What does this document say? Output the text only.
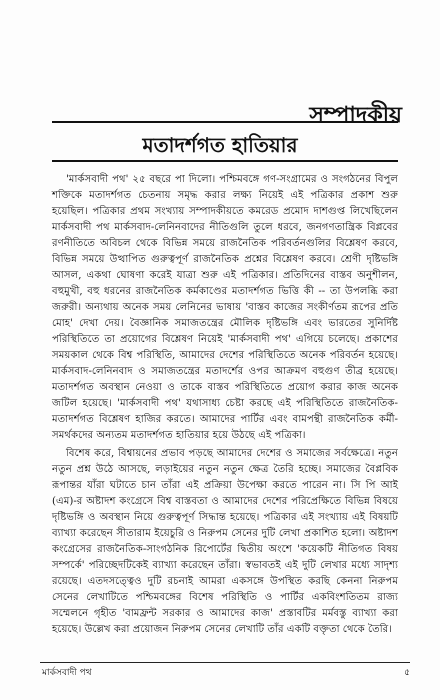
সম্পাদকীয়
মতাদর্শগত হাতিয়ার

'মার্কসবাদী পথ' ২৫ বছরে পা দিলো। পশ্চিমবঙ্গে গণ-সংগ্রামের ও সংগঠনের বিপুল শক্তিকে মতাদর্শগত চেতনায় সমৃদ্ধ করার লক্ষ্য নিয়েই এই পত্রিকার প্রকাশ শুরু হয়েছিল। পত্রিকার প্রথম সংখ্যায় সম্পাদকীয়তে কমরেড প্রমোদ দাশগুপ্ত লিখেছিলেন মার্কসবাদী পথ মার্কসবাদ-লেনিনবাদের নীতিগুলি তুলে ধরবে, জনগণতান্ত্রিক বিপ্লবের রণনীতিতে অবিচল থেকে বিভিন্ন সময়ে রাজনৈতিক পরিবর্তনগুলির বিশ্লেষণ করবে, বিভিন্ন সময়ে উত্থাপিত গুরুত্বপূর্ণ রাজনৈতিক প্রশ্নের বিশ্লেষণ করবে। শ্রেণী দৃষ্টিভঙ্গি আসল, একথা ঘোষণা করেই যাত্রা শুরু এই পত্রিকার। প্রতিদিনের বাস্তব অনুশীলন, বহুমুখী, বহু ধরনের রাজনৈতিক কর্মকাণ্ডের মতাদর্শগত ভিত্তি কী -- তা উপলব্ধি করা জরুরী। অন্যথায় অনেক সময় লেনিনের ভাষায় 'বাস্তব কাজের সংকীর্ণতম রূপের প্রতি মোহ' দেখা দেয়। বৈজ্ঞানিক সমাজতন্ত্রের মৌলিক দৃষ্টিভঙ্গি এবং ভারতের সুনির্দিষ্ট পরিস্থিতিতে তা প্রয়োগের বিশ্লেষণ নিয়েই 'মার্কসবাদী পথ' এগিয়ে চলেছে। প্রকাশের সময়কাল থেকে বিশ্ব পরিস্থিতি, আমাদের দেশের পরিস্থিতিতে অনেক পরিবর্তন হয়েছে। মার্কসবাদ-লেনিনবাদ ও সমাজতন্ত্রের মতাদর্শের ওপর আক্রমণ বহুগুণ তীব্র হয়েছে। মতাদর্শগত অবস্থান নেওয়া ও তাকে বাস্তব পরিস্থিতিতে প্রয়োগ করার কাজ অনেক জটিল হয়েছে। 'মার্কসবাদী পথ' যথাসাধ্য চেষ্টা করছে এই পরিস্থিতিতে রাজনৈতিক-মতাদর্শগত বিশ্লেষণ হাজির করতে। আমাদের পার্টির এবং বামপন্থী রাজনৈতিক কর্মী-সমর্থকদের অন্যতম মতাদর্শগত হাতিয়ার হয়ে উঠছে এই পত্রিকা।

বিশেষ করে, বিশ্বায়নের প্রভাব পড়ছে আমাদের দেশের ও সমাজের সর্বক্ষেত্রে। নতুন নতুন প্রশ্ন উঠে আসছে, লড়াইয়ের নতুন নতুন ক্ষেত্র তৈরি হচ্ছে। সমাজের বৈপ্লবিক রূপান্তর যাঁরা ঘটাতে চান তাঁরা এই প্রক্রিয়া উপেক্ষা করতে পারেন না। সি পি আই (এম)-র অষ্টাদশ কংগ্রেসে বিশ্ব বাস্তবতা ও আমাদের দেশের পরিপ্রেক্ষিতে বিভিন্ন বিষয়ে দৃষ্টিভঙ্গি ও অবস্থান নিয়ে গুরুত্বপূর্ণ সিদ্ধান্ত হয়েছে। পত্রিকার এই সংখ্যায় এই বিষয়টি ব্যাখ্যা করেছেন সীতারাম ইয়েচুরি ও নিরুপম সেনের দুটি লেখা প্রকাশিত হলো। অষ্টাদশ কংগ্রেসের রাজনৈতিক-সাংগঠনিক রিপোর্টের দ্বিতীয় অংশে 'কয়েকটি নীতিগত বিষয় সম্পর্কে' পরিচ্ছেদটিকেই ব্যাখ্যা করেছেন তাঁরা। স্বভাবতই এই দুটি লেখার মধ্যে সাদৃশ্য রয়েছে। এতদসত্ত্বেও দুটি রচনাই আমরা একসঙ্গে উপস্থিত করছি কেননা নিরুপম সেনের লেখাটিতে পশ্চিমবঙ্গের বিশেষ পরিস্থিতি ও পার্টির একবিংশতিতম রাজ্য সম্মেলনে গৃহীত 'বামফ্রন্ট সরকার ও আমাদের কাজ' প্রস্তাবটির মর্মবস্তু ব্যাখ্যা করা হয়েছে। উল্লেখ করা প্রয়োজন নিরুপম সেনের লেখাটি তাঁর একটি বক্তৃতা থেকে তৈরি।

মার্কসবাদী পথ	৫
